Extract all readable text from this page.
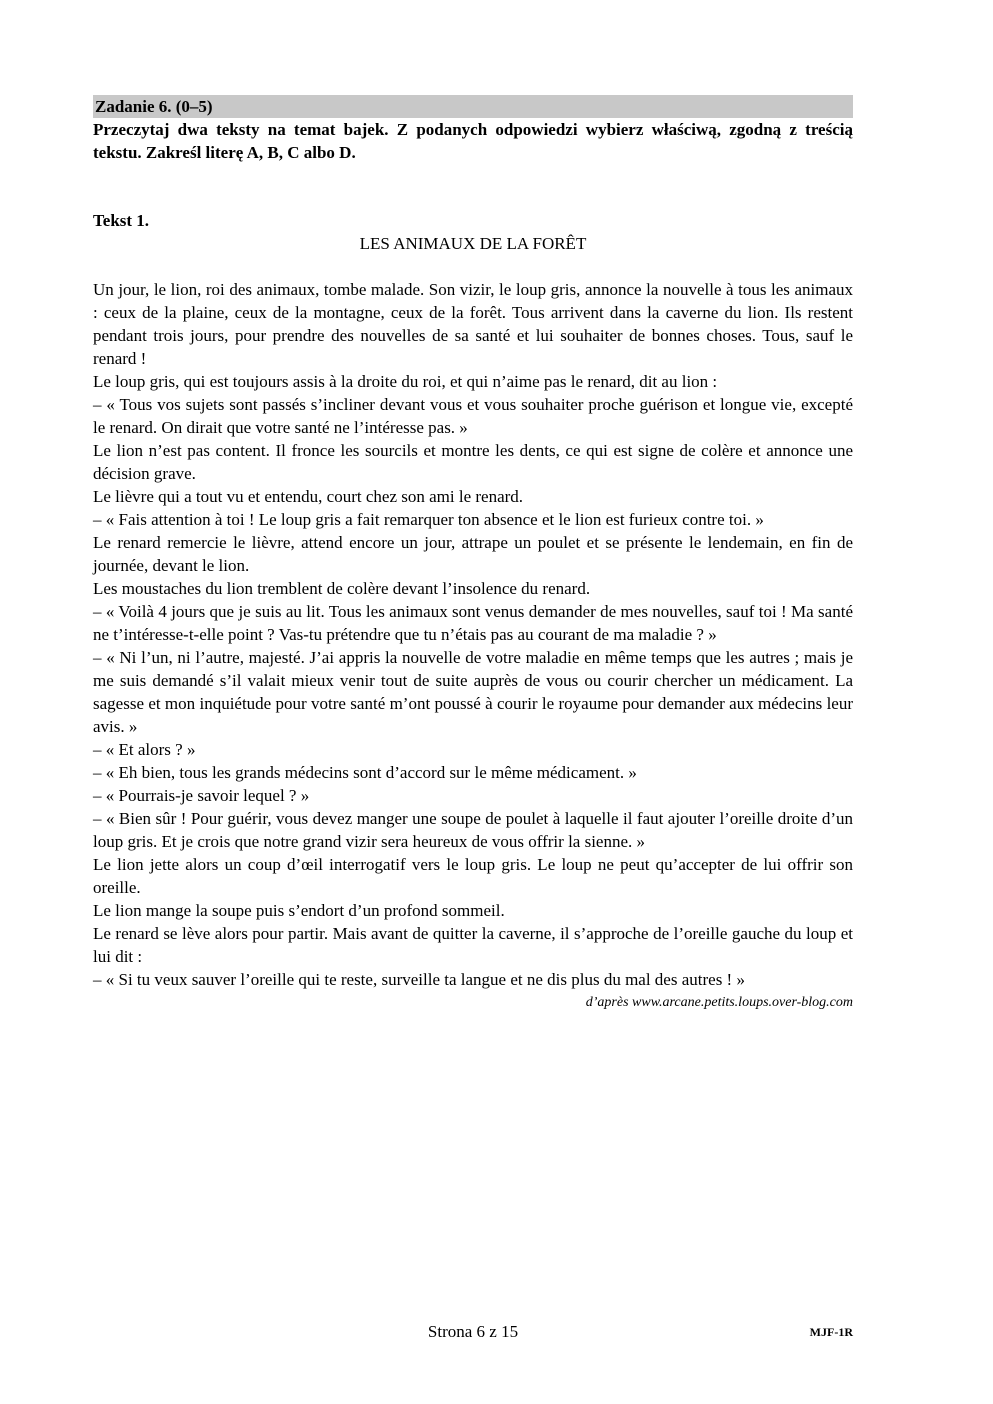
Zadanie 6. (0–5)

Przeczytaj dwa teksty na temat bajek. Z podanych odpowiedzi wybierz właściwą, zgodną z treścią tekstu. Zakreśl literę A, B, C albo D.

Tekst 1.

LES ANIMAUX DE LA FORÊT

Un jour, le lion, roi des animaux, tombe malade. Son vizir, le loup gris, annonce la nouvelle à tous les animaux : ceux de la plaine, ceux de la montagne, ceux de la forêt. Tous arrivent dans la caverne du lion. Ils restent pendant trois jours, pour prendre des nouvelles de sa santé et lui souhaiter de bonnes choses. Tous, sauf le renard !

Le loup gris, qui est toujours assis à la droite du roi, et qui n’aime pas le renard, dit au lion :

– « Tous vos sujets sont passés s’incliner devant vous et vous souhaiter proche guérison et longue vie, excepté le renard. On dirait que votre santé ne l’intéresse pas. »

Le lion n’est pas content. Il fronce les sourcils et montre les dents, ce qui est signe de colère et annonce une décision grave.

Le lièvre qui a tout vu et entendu, court chez son ami le renard.

– « Fais attention à toi ! Le loup gris a fait remarquer ton absence et le lion est furieux contre toi. »

Le renard remercie le lièvre, attend encore un jour, attrape un poulet et se présente le lendemain, en fin de journée, devant le lion.

Les moustaches du lion tremblent de colère devant l’insolence du renard.

– « Voilà 4 jours que je suis au lit. Tous les animaux sont venus demander de mes nouvelles, sauf toi ! Ma santé ne t’intéresse-t-elle point ? Vas-tu prétendre que tu n’étais pas au courant de ma maladie ? »

– « Ni l’un, ni l’autre, majesté. J’ai appris la nouvelle de votre maladie en même temps que les autres ; mais je me suis demandé s’il valait mieux venir tout de suite auprès de vous ou courir chercher un médicament. La sagesse et mon inquiétude pour votre santé m’ont poussé à courir le royaume pour demander aux médecins leur avis. »

– « Et alors ? »

– « Eh bien, tous les grands médecins sont d’accord sur le même médicament. »

– « Pourrais-je savoir lequel ? »

– « Bien sûr ! Pour guérir, vous devez manger une soupe de poulet à laquelle il faut ajouter l’oreille droite d’un loup gris. Et je crois que notre grand vizir sera heureux de vous offrir la sienne. »

Le lion jette alors un coup d’œil interrogatif vers le loup gris. Le loup ne peut qu’accepter de lui offrir son oreille.

Le lion mange la soupe puis s’endort d’un profond sommeil.

Le renard se lève alors pour partir. Mais avant de quitter la caverne, il s’approche de l’oreille gauche du loup et lui dit :

– « Si tu veux sauver l’oreille qui te reste, surveille ta langue et ne dis plus du mal des autres ! »

d’après www.arcane.petits.loups.over-blog.com

Strona 6 z 15	MJF-1R
